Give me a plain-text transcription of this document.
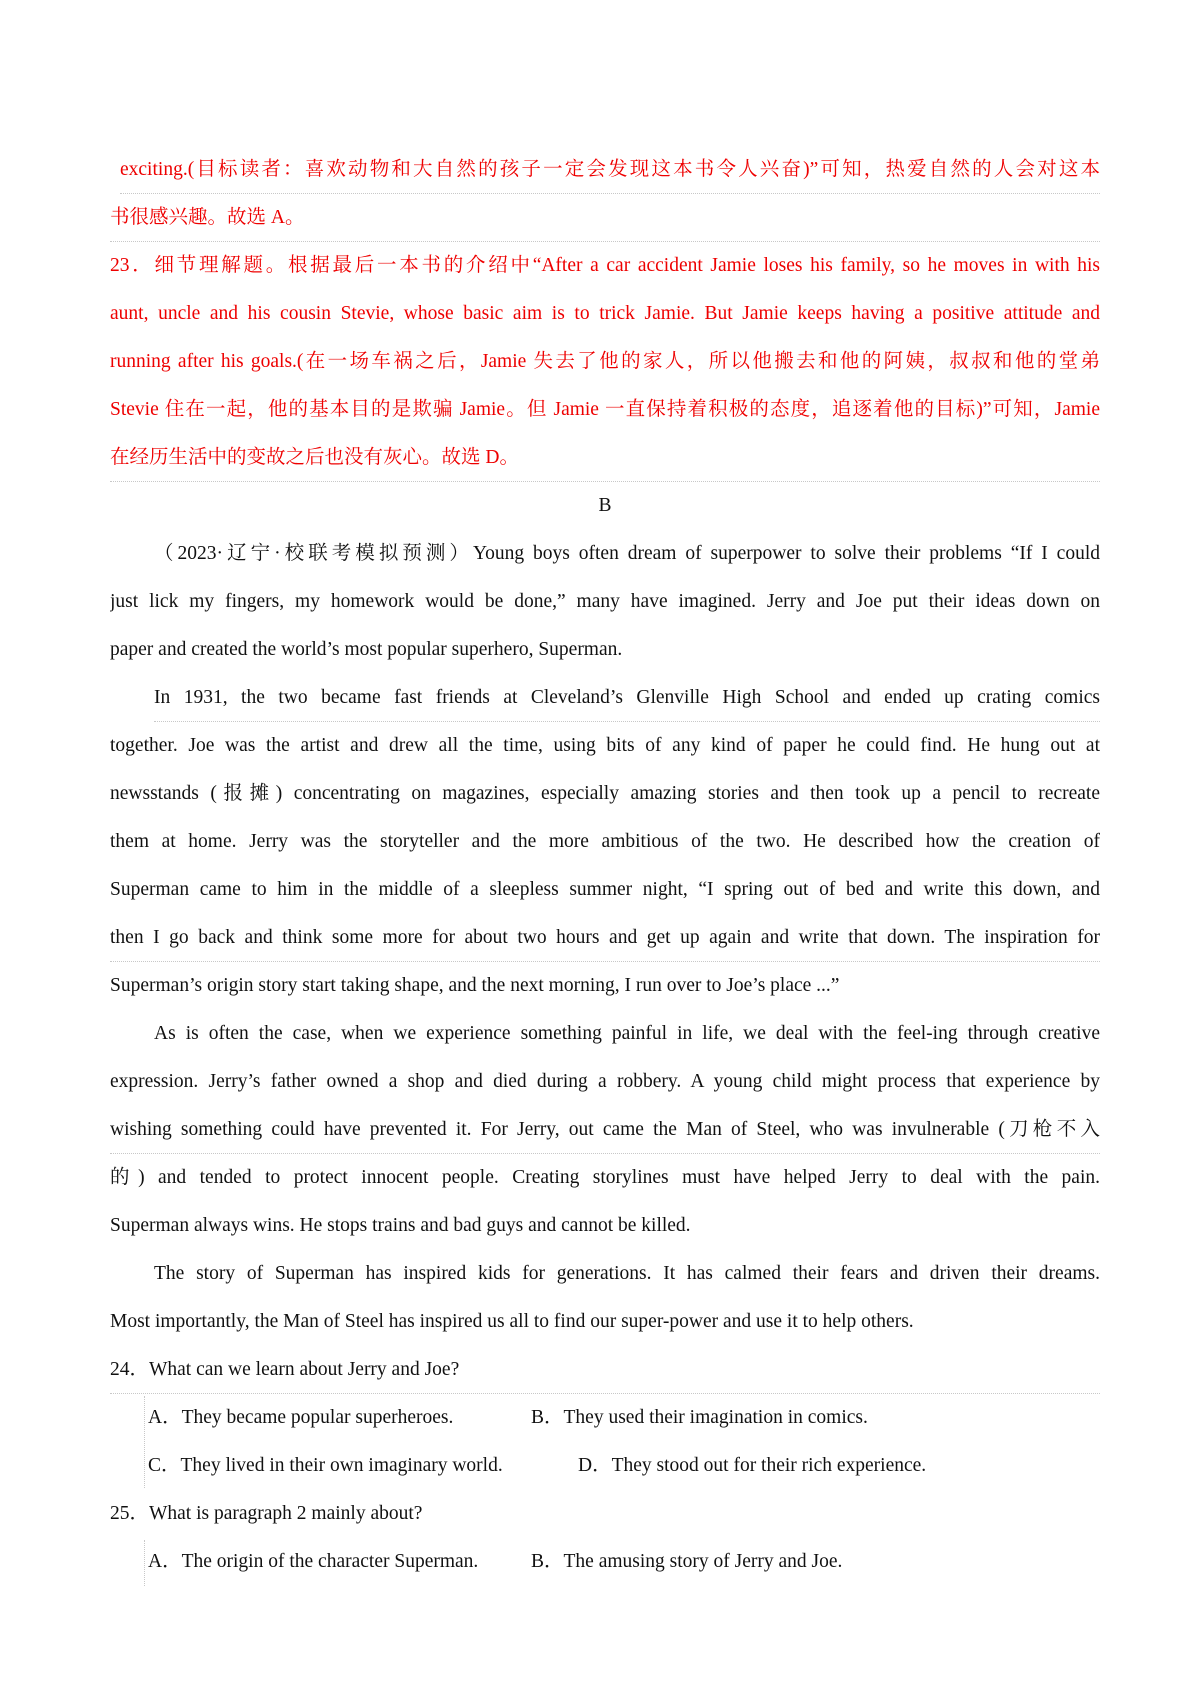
exciting.(目标读者：喜欢动物和大自然的孩子一定会发现这本书令人兴奋)”可知，热爱自然的人会对这本
书很感兴趣。故选 A。
23．细节理解题。根据最后一本书的介绍中“After a car accident Jamie loses his family, so he moves in with his
aunt, uncle and his cousin Stevie, whose basic aim is to trick Jamie. But Jamie keeps having a positive attitude and
running after his goals.(在一场车祸之后，Jamie 失去了他的家人，所以他搬去和他的阿姨，叔叔和他的堂弟
Stevie 住在一起，他的基本目的是欺骗 Jamie。但 Jamie 一直保持着积极的态度，追逐着他的目标)”可知，Jamie
在经历生活中的变故之后也没有灰心。故选 D。
B
（2023·辽宁·校联考模拟预测）Young boys often dream of superpower to solve their problems “If I could
just lick my fingers, my homework would be done,” many have imagined. Jerry and Joe put their ideas down on
paper and created the world’s most popular superhero, Superman.
In 1931, the two became fast friends at Cleveland’s Glenville High School and ended up crating comics
together. Joe was the artist and drew all the time, using bits of any kind of paper he could find. He hung out at
newsstands (报摊) concentrating on magazines, especially amazing stories and then took up a pencil to recreate
them at home. Jerry was the storyteller and the more ambitious of the two. He described how the creation of
Superman came to him in the middle of a sleepless summer night, “I spring out of bed and write this down, and
then I go back and think some more for about two hours and get up again and write that down. The inspiration for
Superman’s origin story start taking shape, and the next morning, I run over to Joe’s place ...”
As is often the case, when we experience something painful in life, we deal with the feel-ing through creative
expression. Jerry’s father owned a shop and died during a robbery. A young child might process that experience by
wishing something could have prevented it. For Jerry, out came the Man of Steel, who was invulnerable (刀枪不入
的) and tended to protect innocent people. Creating storylines must have helped Jerry to deal with the pain.
Superman always wins. He stops trains and bad guys and cannot be killed.
The story of Superman has inspired kids for generations. It has calmed their fears and driven their dreams.
Most importantly, the Man of Steel has inspired us all to find our super-power and use it to help others.
24．What can we learn about Jerry and Joe?
A．They became popular superheroes.	B．They used their imagination in comics.
C．They lived in their own imaginary world.	D．They stood out for their rich experience.
25．What is paragraph 2 mainly about?
A．The origin of the character Superman.	B．The amusing story of Jerry and Joe.
